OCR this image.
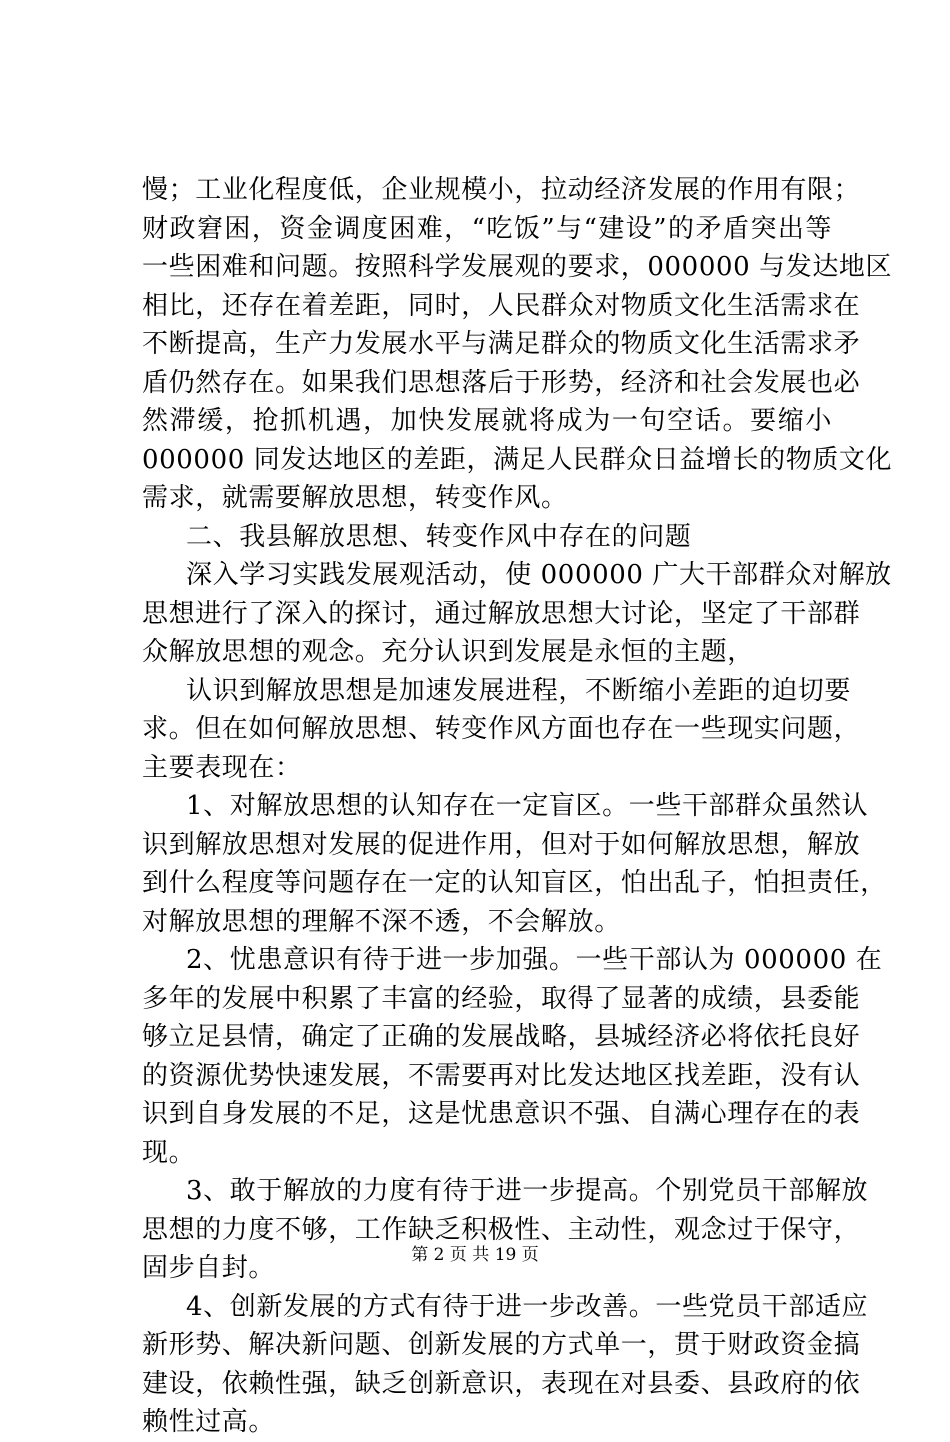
慢；工业化程度低，企业规模小，拉动经济发展的作用有限；
财政窘困，资金调度困难，“吃饭”与“建设”的矛盾突出等
一些困难和问题。按照科学发展观的要求，000000 与发达地区
相比，还存在着差距，同时，人民群众对物质文化生活需求在
不断提高，生产力发展水平与满足群众的物质文化生活需求矛
盾仍然存在。如果我们思想落后于形势，经济和社会发展也必
然滞缓，抢抓机遇，加快发展就将成为一句空话。要缩小
000000 同发达地区的差距，满足人民群众日益增长的物质文化
需求，就需要解放思想，转变作风。
二、我县解放思想、转变作风中存在的问题
深入学习实践发展观活动，使 000000 广大干部群众对解放
思想进行了深入的探讨，通过解放思想大讨论，坚定了干部群
众解放思想的观念。充分认识到发展是永恒的主题，
认识到解放思想是加速发展进程，不断缩小差距的迫切要
求。但在如何解放思想、转变作风方面也存在一些现实问题，
主要表现在：
1、对解放思想的认知存在一定盲区。一些干部群众虽然认
识到解放思想对发展的促进作用，但对于如何解放思想，解放
到什么程度等问题存在一定的认知盲区，怕出乱子，怕担责任，
对解放思想的理解不深不透，不会解放。
2、忧患意识有待于进一步加强。一些干部认为 000000 在
多年的发展中积累了丰富的经验，取得了显著的成绩，县委能
够立足县情，确定了正确的发展战略，县城经济必将依托良好
的资源优势快速发展，不需要再对比发达地区找差距，没有认
识到自身发展的不足，这是忧患意识不强、自满心理存在的表
现。
3、敢于解放的力度有待于进一步提高。个别党员干部解放
思想的力度不够，工作缺乏积极性、主动性，观念过于保守，
固步自封。
4、创新发展的方式有待于进一步改善。一些党员干部适应
新形势、解决新问题、创新发展的方式单一，贯于财政资金搞
建设，依赖性强，缺乏创新意识，表现在对县委、县政府的依
赖性过高。
第 2 页 共 19 页
